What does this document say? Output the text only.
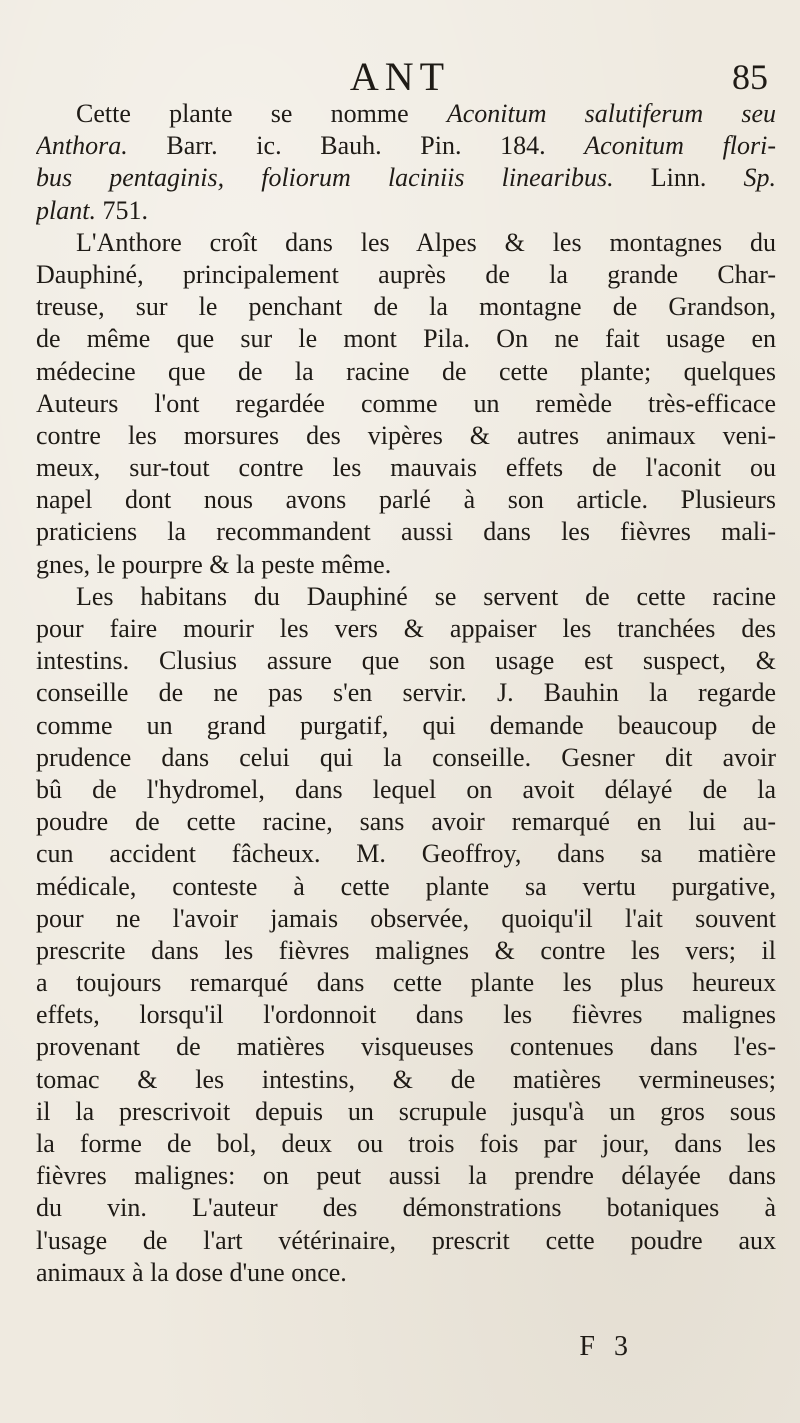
ANT	85
Cette plante se nomme Aconitum salutiferum seu
Anthora. Barr. ic. Bauh. Pin. 184. Aconitum flori-
bus pentaginis, foliorum laciniis linearibus. Linn. Sp.
plant. 751.
L'Anthore croît dans les Alpes & les montagnes du
Dauphiné, principalement auprès de la grande Char-
treuse, sur le penchant de la montagne de Grandson,
de même que sur le mont Pila. On ne fait usage en
médecine que de la racine de cette plante; quelques
Auteurs l'ont regardée comme un remède très-efficace
contre les morsures des vipères & autres animaux veni-
meux, sur-tout contre les mauvais effets de l'aconit ou
napel dont nous avons parlé à son article. Plusieurs
praticiens la recommandent aussi dans les fièvres mali-
gnes, le pourpre & la peste même.
Les habitans du Dauphiné se servent de cette racine
pour faire mourir les vers & appaiser les tranchées des
intestins. Clusius assure que son usage est suspect, &
conseille de ne pas s'en servir. J. Bauhin la regarde
comme un grand purgatif, qui demande beaucoup de
prudence dans celui qui la conseille. Gesner dit avoir
bû de l'hydromel, dans lequel on avoit délayé de la
poudre de cette racine, sans avoir remarqué en lui au-
cun accident fâcheux. M. Geoffroy, dans sa matière
médicale, conteste à cette plante sa vertu purgative,
pour ne l'avoir jamais observée, quoiqu'il l'ait souvent
prescrite dans les fièvres malignes & contre les vers; il
a toujours remarqué dans cette plante les plus heureux
effets, lorsqu'il l'ordonnoit dans les fièvres malignes
provenant de matières visqueuses contenues dans l'es-
tomac & les intestins, & de matières vermineuses;
il la prescrivoit depuis un scrupule jusqu'à un gros sous
la forme de bol, deux ou trois fois par jour, dans les
fièvres malignes: on peut aussi la prendre délayée dans
du vin. L'auteur des démonstrations botaniques à
l'usage de l'art vétérinaire, prescrit cette poudre aux
animaux à la dose d'une once.
F 3
